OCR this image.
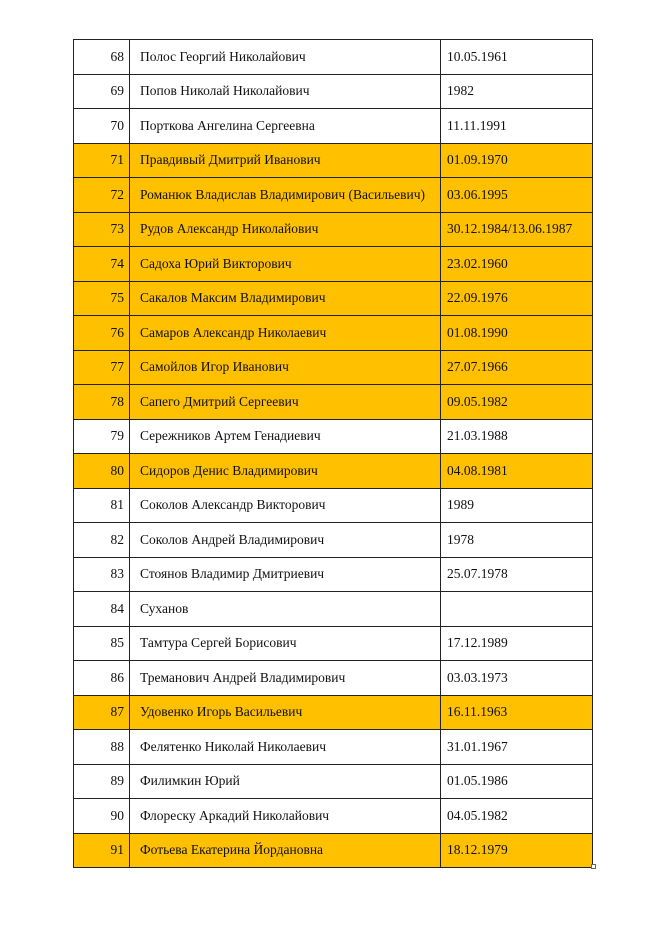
68	Полос Георгий Николайович	10.05.1961
69	Попов Николай Николайович	1982
70	Порткова Ангелина Сергеевна	11.11.1991
71	Правдивый Дмитрий Иванович	01.09.1970
72	Романюк Владислав Владимирович (Васильевич)	03.06.1995
73	Рудов Александр Николайович	30.12.1984/13.06.1987
74	Садоха Юрий Викторович	23.02.1960
75	Сакалов Максим Владимирович	22.09.1976
76	Самаров Александр Николаевич	01.08.1990
77	Самойлов Игор Иванович	27.07.1966
78	Сапего Дмитрий Сергеевич	09.05.1982
79	Сережников Артем Генадиевич	21.03.1988
80	Сидоров Денис Владимирович	04.08.1981
81	Соколов Александр Викторович	1989
82	Соколов Андрей Владимирович	1978
83	Стоянов Владимир Дмитриевич	25.07.1978
84	Суханов	
85	Тамтура Сергей Борисович	17.12.1989
86	Треманович Андрей Владимирович	03.03.1973
87	Удовенко Игорь Васильевич	16.11.1963
88	Фелятенко Николай Николаевич	31.01.1967
89	Филимкин Юрий	01.05.1986
90	Флореску Аркадий Николайович	04.05.1982
91	Фотьева Екатерина Йордановна	18.12.1979
